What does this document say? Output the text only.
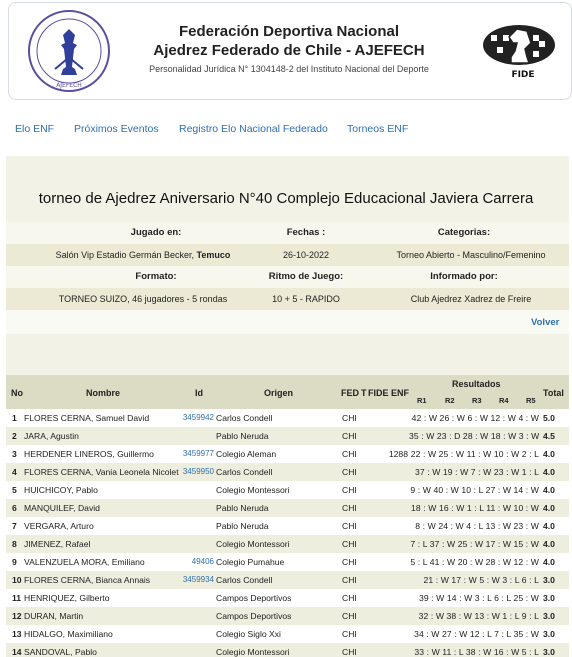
AJEFECH
Federación Deportiva Nacional
Ajedrez Federado de Chile - AJEFECH
Personalidad Jurídica N° 1304148-2 del Instituto Nacional del Deporte
FIDE
Elo ENF Próximos Eventos Registro Elo Nacional Federado Torneos ENF
torneo de Ajedrez Aniversario N°40 Complejo Educacional Javiera Carrera
Jugado en:	Fechas :	Categorias:
Salón Vip Estadio Germán Becker, Temuco	26-10-2022	Torneo Abierto - Masculino/Femenino
Formato:	Ritmo de Juego:	Informado por:
TORNEO SUIZO, 46 jugadores - 5 rondas	10 + 5 - RAPIDO	Club Ajedrez Xadrez de Freire
Volver
No	Nombre	Id	Origen	FED T FIDE ENF
Resultados
R1 R2 R3 R4 R5
Total
1 FLORES CERNA, Samuel David	3459942 Carlos Condell	CHI	42 : W 26 : W 6 : W 12 : W 4 : W 5.0
2 JARA, Agustin	Pablo Neruda	CHI	35 : W 23 : D 28 : W 18 : W 3 : W 4.5
3 HERDENER LINEROS, Guillermo	3459977 Colegio Aleman	CHI	1288 22 : W 25 : W 11 : W 10 : W 2 : L 4.0
4 FLORES CERNA, Vania Leonela Nicolet 3459950 Carlos Condell	CHI	37 : W 19 : W 7 : W 23 : W 1 : L 4.0
5 HUICHICOY, Pablo	Colegio Montessori	CHI	9 : W 40 : W 10 : L 27 : W 14 : W 4.0
6 MANQUILEF, David	Pablo Neruda	CHI	18 : W 16 : W 1 : L 11 : W 10 : W 4.0
7 VERGARA, Arturo	Pablo Neruda	CHI	8 : W 24 : W 4 : L 13 : W 23 : W 4.0
8 JIMENEZ, Rafael	Colegio Montessori	CHI	7 : L 37 : W 25 : W 17 : W 15 : W 4.0
9 VALENZUELA MORA, Emiliano	49406 Colegio Pumahue	CHI	5 : L 41 : W 20 : W 28 : W 12 : W 4.0
10 FLORES CERNA, Bianca Annais	3459934 Carlos Condell	CHI	21 : W 17 : W 5 : W 3 : L 6 : L 3.0
11 HENRIQUEZ, Gilberto	Campos Deportivos	CHI	39 : W 14 : W 3 : L 6 : L 25 : W 3.0
12 DURAN, Martin	Campos Deportivos	CHI	32 : W 38 : W 13 : W 1 : L 9 : L 3.0
13 HIDALGO, Maximiliano	Colegio Siglo Xxi	CHI	34 : W 27 : W 12 : L 7 : L 35 : W 3.0
14 SANDOVAL, Pablo	Colegio Montessori	CHI	33 : W 11 : L 38 : W 16 : W 5 : L 3.0
